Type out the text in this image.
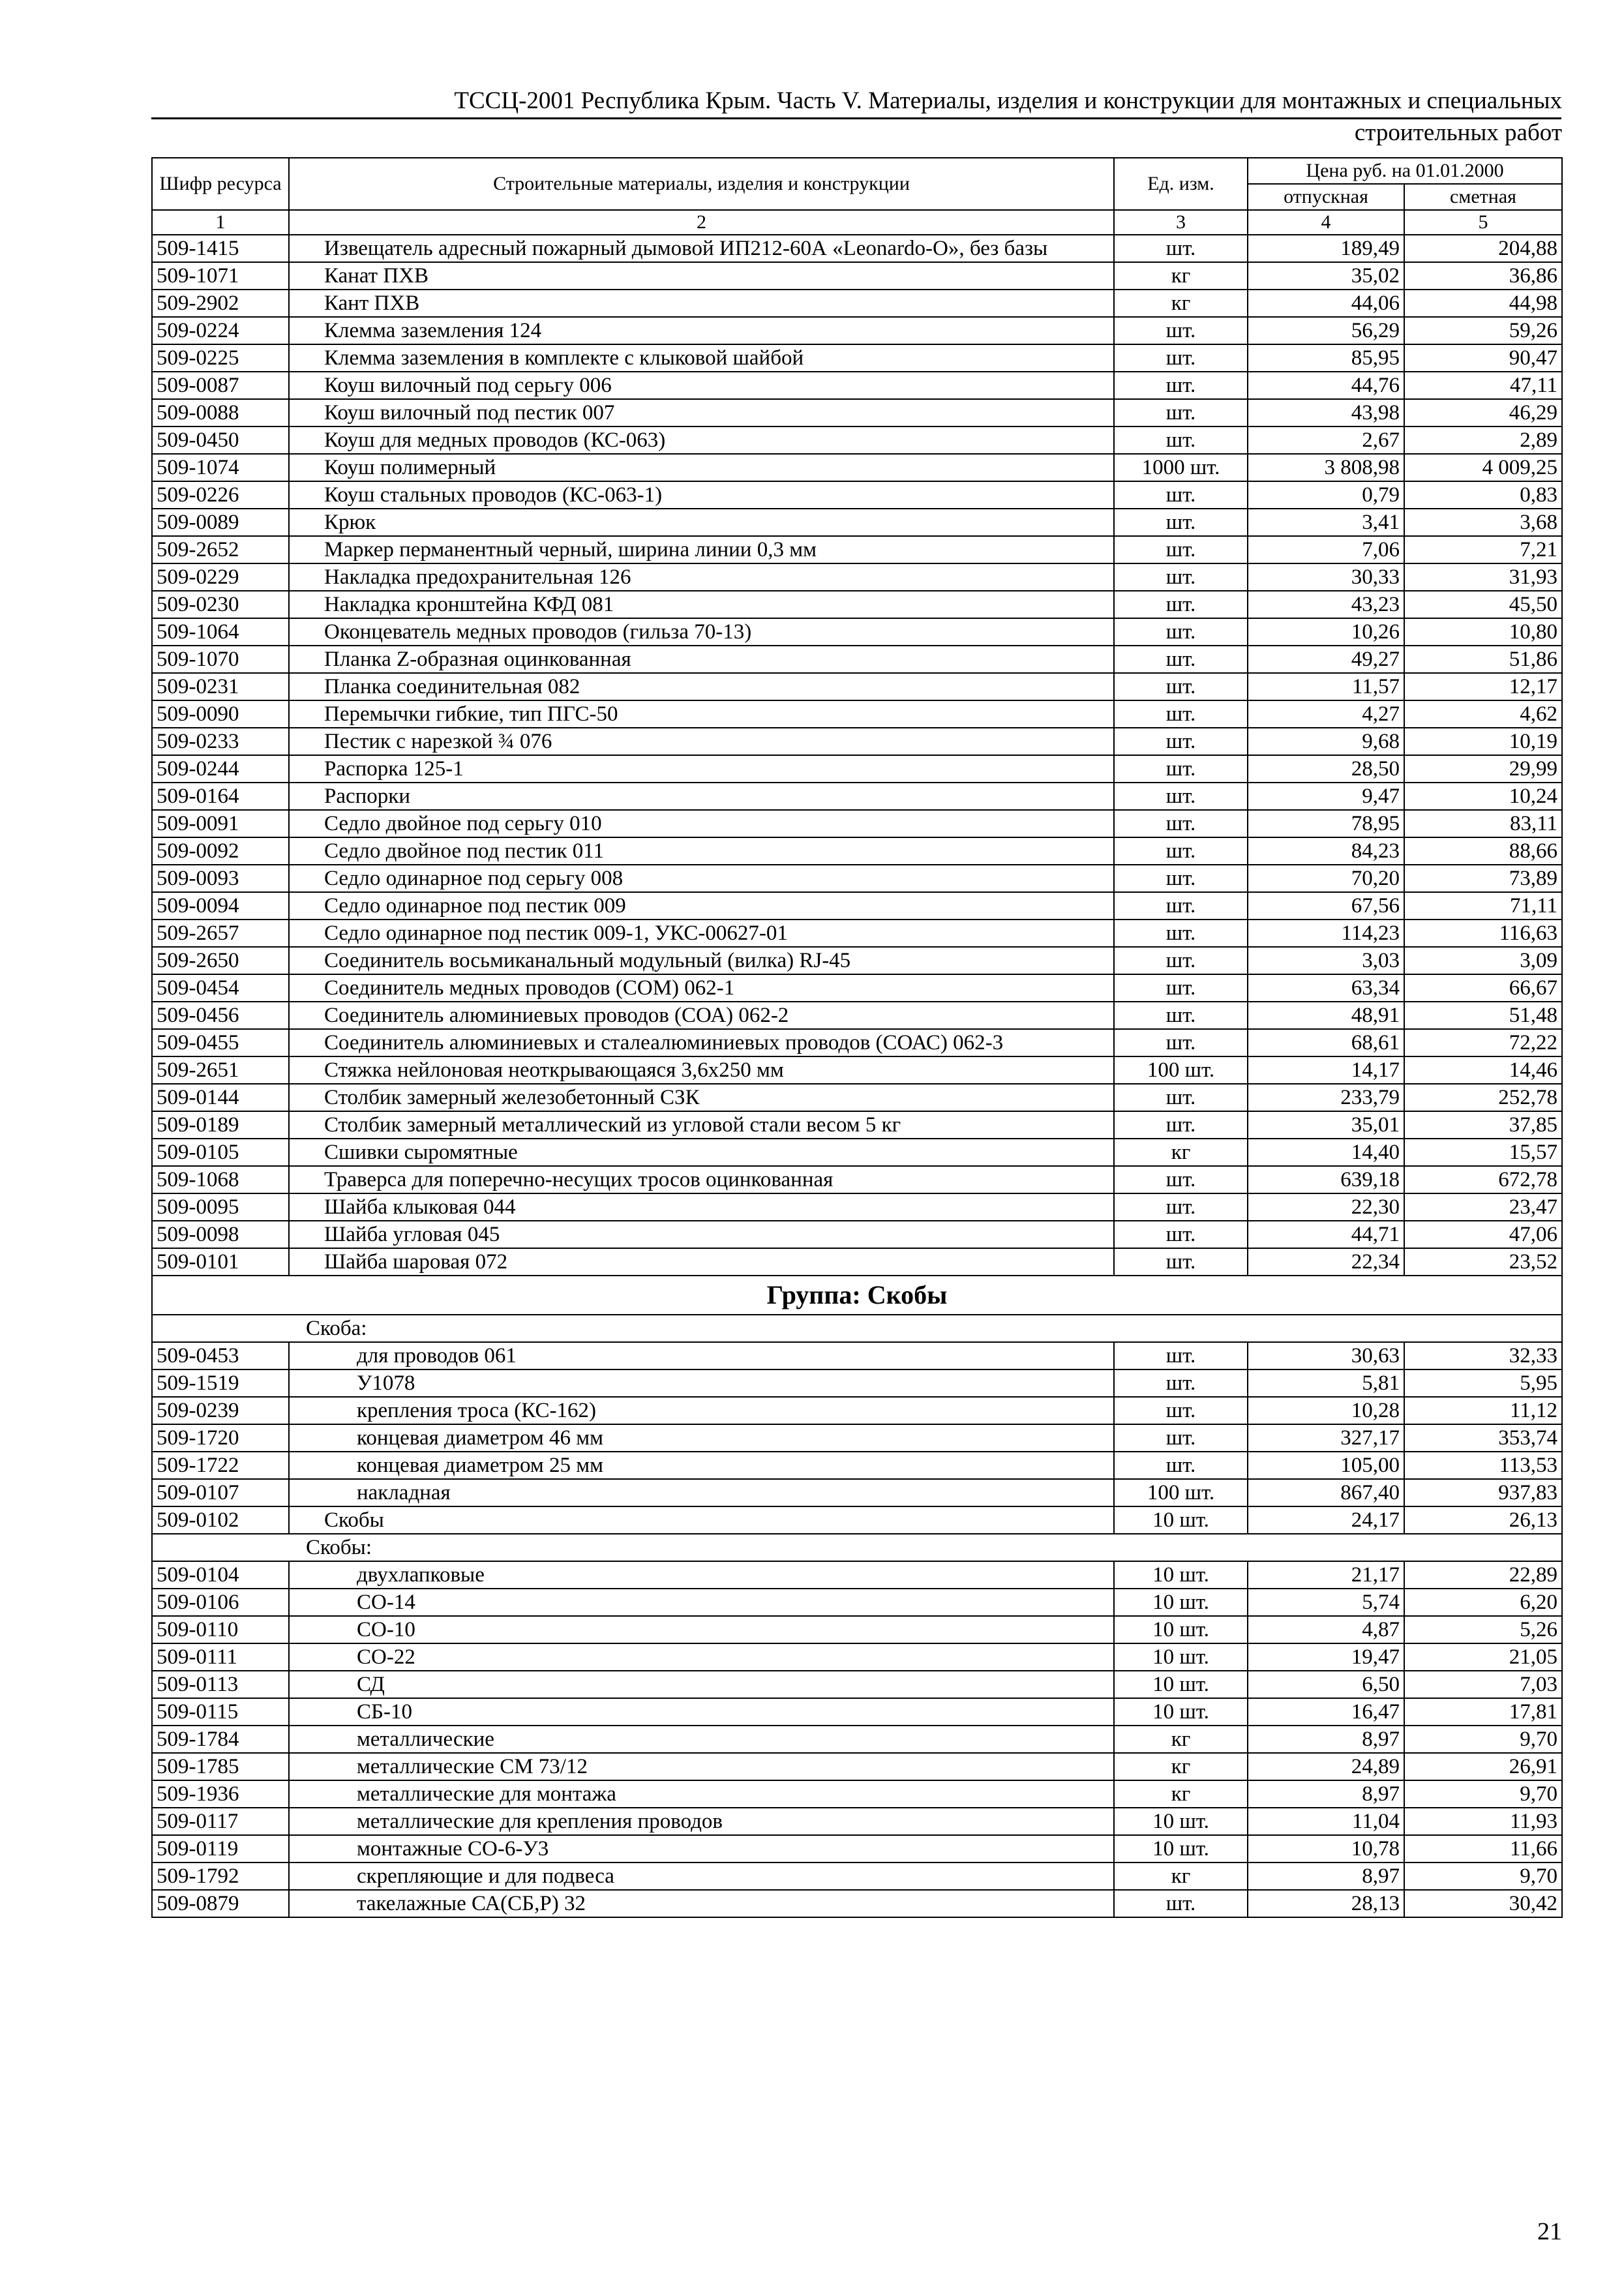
ТССЦ-2001 Республика Крым. Часть V. Материалы, изделия и конструкции для монтажных и специальных
строительных работ
Шифр ресурса	Строительные материалы, изделия и конструкции	Ед. изм.	Цена руб. на 01.01.2000	
			отпускная	сметная
1	2	3	4	5
509-1415	Извещатель адресный пожарный дымовой ИП212-60А «Leonardo-O», без базы	шт.	189,49	204,88
509-1071	Канат ПХВ	кг	35,02	36,86
509-2902	Кант ПХВ	кг	44,06	44,98
509-0224	Клемма заземления 124	шт.	56,29	59,26
509-0225	Клемма заземления в комплекте с клыковой шайбой	шт.	85,95	90,47
509-0087	Коуш вилочный под серьгу 006	шт.	44,76	47,11
509-0088	Коуш вилочный под пестик 007	шт.	43,98	46,29
509-0450	Коуш для медных проводов (КС-063)	шт.	2,67	2,89
509-1074	Коуш полимерный	1000 шт.	3 808,98	4 009,25
509-0226	Коуш стальных проводов (КС-063-1)	шт.	0,79	0,83
509-0089	Крюк	шт.	3,41	3,68
509-2652	Маркер перманентный черный, ширина линии 0,3 мм	шт.	7,06	7,21
509-0229	Накладка предохранительная 126	шт.	30,33	31,93
509-0230	Накладка кронштейна КФД 081	шт.	43,23	45,50
509-1064	Оконцеватель медных проводов (гильза 70-13)	шт.	10,26	10,80
509-1070	Планка Z-образная оцинкованная	шт.	49,27	51,86
509-0231	Планка соединительная 082	шт.	11,57	12,17
509-0090	Перемычки гибкие, тип ПГС-50	шт.	4,27	4,62
509-0233	Пестик с нарезкой ¾ 076	шт.	9,68	10,19
509-0244	Распорка 125-1	шт.	28,50	29,99
509-0164	Распорки	шт.	9,47	10,24
509-0091	Седло двойное под серьгу 010	шт.	78,95	83,11
509-0092	Седло двойное под пестик 011	шт.	84,23	88,66
509-0093	Седло одинарное под серьгу 008	шт.	70,20	73,89
509-0094	Седло одинарное под пестик 009	шт.	67,56	71,11
509-2657	Седло одинарное под пестик 009-1, УКС-00627-01	шт.	114,23	116,63
509-2650	Соединитель восьмиканальный модульный (вилка) RJ-45	шт.	3,03	3,09
509-0454	Соединитель медных проводов (СОМ) 062-1	шт.	63,34	66,67
509-0456	Соединитель алюминиевых проводов (СОА) 062-2	шт.	48,91	51,48
509-0455	Соединитель алюминиевых и сталеалюминиевых проводов (СОАС) 062-3	шт.	68,61	72,22
509-2651	Стяжка нейлоновая неоткрывающаяся 3,6х250 мм	100 шт.	14,17	14,46
509-0144	Столбик замерный железобетонный СЗК	шт.	233,79	252,78
509-0189	Столбик замерный металлический из угловой стали весом 5 кг	шт.	35,01	37,85
509-0105	Сшивки сыромятные	кг	14,40	15,57
509-1068	Траверса для поперечно-несущих тросов оцинкованная	шт.	639,18	672,78
509-0095	Шайба клыковая 044	шт.	22,30	23,47
509-0098	Шайба угловая 045	шт.	44,71	47,06
509-0101	Шайба шаровая 072	шт.	22,34	23,52
Группа: Скобы				
Скоба:				
509-0453	для проводов 061	шт.	30,63	32,33
509-1519	У1078	шт.	5,81	5,95
509-0239	крепления троса (КС-162)	шт.	10,28	11,12
509-1720	концевая диаметром 46 мм	шт.	327,17	353,74
509-1722	концевая диаметром 25 мм	шт.	105,00	113,53
509-0107	накладная	100 шт.	867,40	937,83
509-0102	Скобы	10 шт.	24,17	26,13
Скобы:				
509-0104	двухлапковые	10 шт.	21,17	22,89
509-0106	СО-14	10 шт.	5,74	6,20
509-0110	СО-10	10 шт.	4,87	5,26
509-0111	СО-22	10 шт.	19,47	21,05
509-0113	СД	10 шт.	6,50	7,03
509-0115	СБ-10	10 шт.	16,47	17,81
509-1784	металлические	кг	8,97	9,70
509-1785	металлические СМ 73/12	кг	24,89	26,91
509-1936	металлические для монтажа	кг	8,97	9,70
509-0117	металлические для крепления проводов	10 шт.	11,04	11,93
509-0119	монтажные СО-6-У3	10 шт.	10,78	11,66
509-1792	скрепляющие и для подвеса	кг	8,97	9,70
509-0879	такелажные СА(СБ,Р) 32	шт.	28,13	30,42
21
